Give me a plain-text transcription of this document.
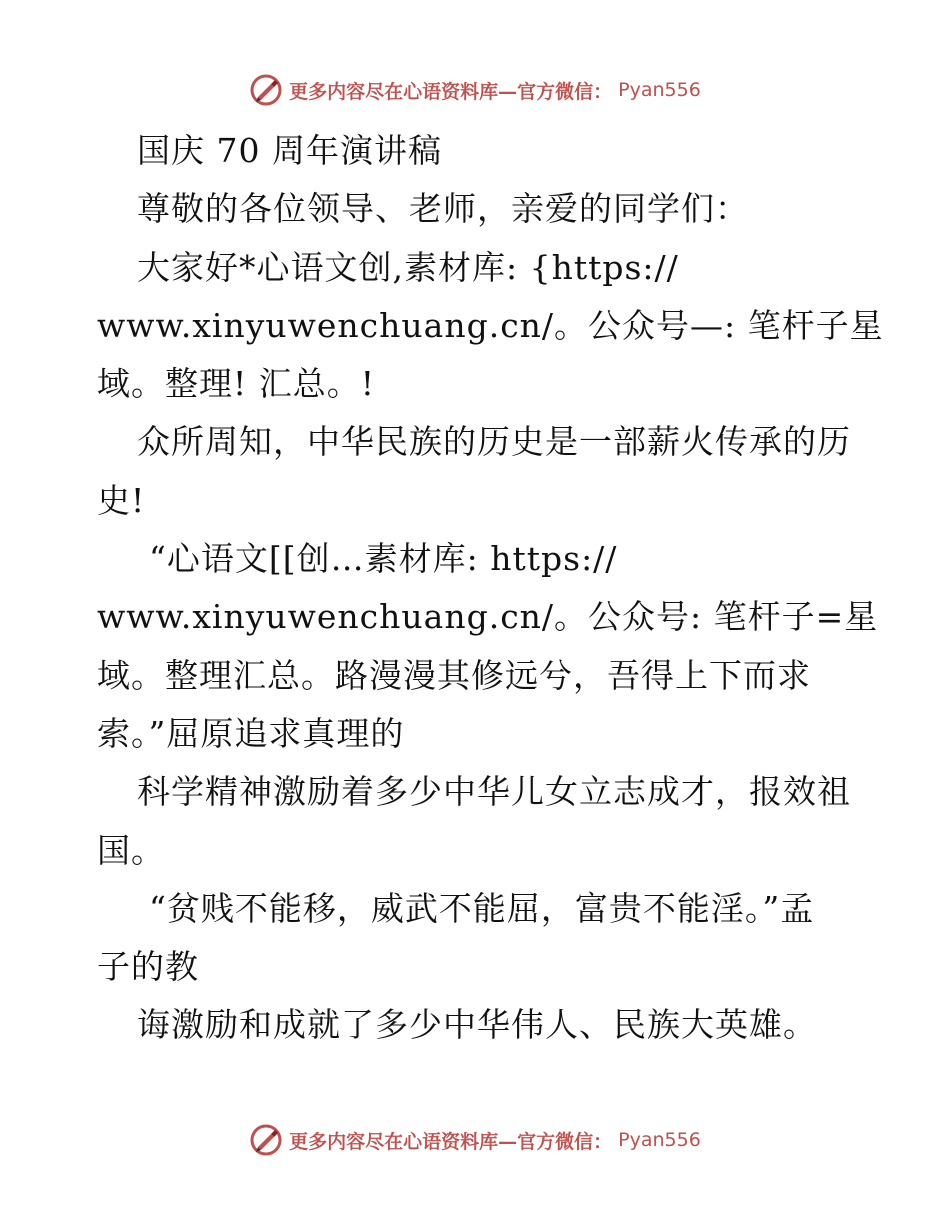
更多内容尽在心语资料库—官方微信： Pyan556
国庆 70 周年演讲稿
尊敬的各位领导、老师，亲爱的同学们：
大家好*心语文创,素材库: {https://
www.xinyuwenchuang.cn/。公众号—: 笔杆子星
域。整理! 汇总。!
众所周知，中华民族的历史是一部薪火传承的历
史!
“心语文[[创…素材库: https://
www.xinyuwenchuang.cn/。公众号: 笔杆子=星
域。整理汇总。路漫漫其修远兮，吾得上下而求
索。”屈原追求真理的
科学精神激励着多少中华儿女立志成才，报效祖
国。
“贫贱不能移，威武不能屈，富贵不能淫。”孟
子的教
诲激励和成就了多少中华伟人、民族大英雄。
更多内容尽在心语资料库—官方微信： Pyan556
